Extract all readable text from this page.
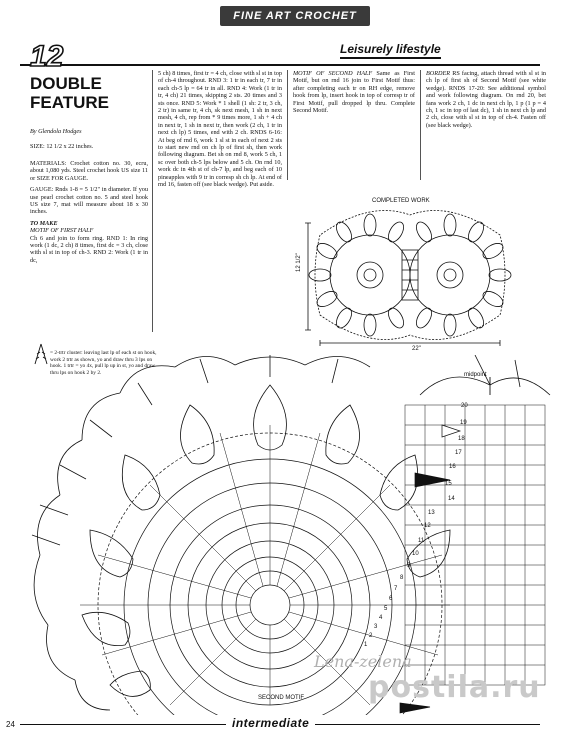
FINE ART CROCHET
Leisurely lifestyle
12
DOUBLE
FEATURE
By Glendola Hodges
SIZE: 12 1/2 x 22 inches.

MATERIALS: Crochet cotton no. 30, ecru, about 1,080 yds. Steel crochet hook US size 11 or SIZE FOR GAUGE.

GAUGE: Rnds 1-8 = 5 1/2" in diameter. If you use pearl crochet cotton no. 5 and steel hook US size 7, mat will measure about 18 x 30 inches.

TO MAKE
MOTIF OF FIRST HALF

Ch 6 and join to form ring. RND 1: In ring work (1 dc, 2 ch) 8 times, first dc = 3 ch, close with sl st in top of ch-3. RND 2: Work (1 tr in dc,

5 ch) 8 times, first tr = 4 ch, close with sl st in top of ch-4 throughout. RND 3: 1 tr in each tr, 7 tr in each ch-5 lp = 64 tr in all. RND 4: Work (1 tr in tr, 4 ch) 21 times, skipping 2 sts. 20 times and 3 sts once. RND 5: Work * 1 shell (1 sh: 2 tr, 3 ch, 2 tr) in same tr, 4 ch, sk next mesh, 1 sh in next mesh, 4 ch, rep from * 9 times more, 1 sh + 4 ch in next tr, 1 sh in next tr, then work (2 ch, 1 tr in next ch lp) 5 times, end with 2 ch. RNDS 6-16: At beg of rnd 6, work 1 sl st in each of next 2 sts to start new rnd on ch lp of first sh, then work following diagram. Bet sh on rnd 8, work 5 ch, 1 sc over both ch-5 lps below and 5 ch. On rnd 10, work dc in 4th st of ch-7 lp, and beg each of 10 pineapples with 9 tr in corresp sh ch lp. At end of rnd 16, fasten off (see black wedge). Put aside.
MOTIF OF SECOND HALF Same as First Motif, but on rnd 16 join to First Motif thus: after completing each tr on RH edge, remove hook from lp, insert hook in top of corresp tr of First Motif, pull dropped lp thru. Complete Second Motif.
BORDER RS facing, attach thread with sl st in ch lp of first sh of Second Motif (see white wedge). RNDS 17-20: See additional symbol and work following diagram. On rnd 20, bet fans work 2 ch, 1 dc in next ch lp, 1 p (1 p = 4 ch, 1 sc in top of last dc), 1 sh in next ch lp and 2 ch, close with sl st in top of ch-4. Fasten off (see black wedge).
COMPLETED WORK
12 1/2"
22"
= 2-trtr cluster: leaving last lp of each st on hook, work 2 trtr as shown, yo and draw thru 3 lps on hook. 1 trtr = yo 4x, pull lp up in st, yo and draw thru lps on hook 2 by 2.	midpoint
20
19
18
17
16
15
14
13
12
11
10
9
8
7
6
5
4
3
2
1
SECOND MOTIF
Lena-zelena
postila.ru
24	intermediate
